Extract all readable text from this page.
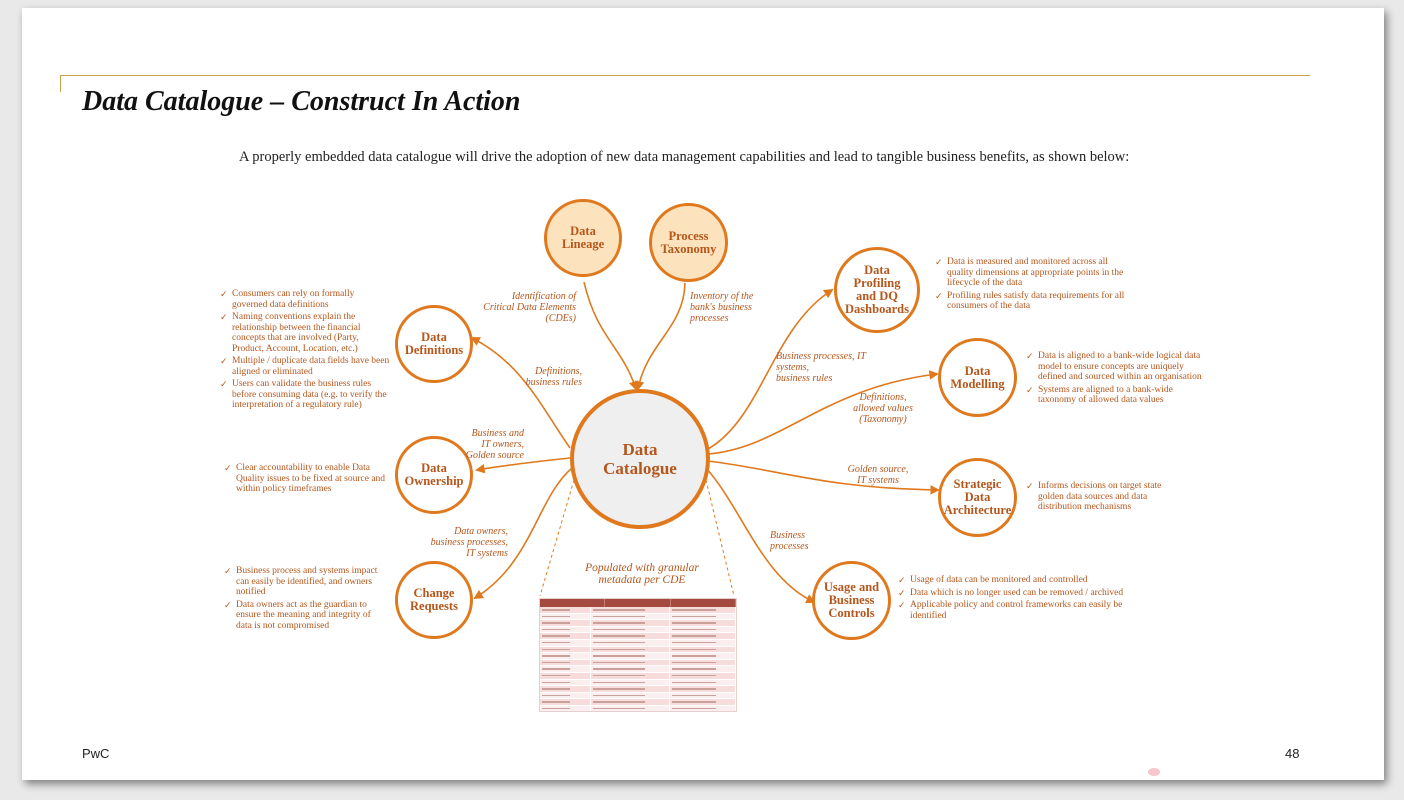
Data Catalogue – Construct In Action

A properly embedded data catalogue will drive the adoption of new data management capabilities and lead to tangible business benefits, as shown below:

Data
Lineage
Process
Taxonomy
Data
Definitions
Data
Ownership
Change
Requests
Data
Catalogue
Data
Profiling
and DQ
Dashboards
Data
Modelling
Strategic
Data
Architecture
Usage and
Business
Controls
Identification of
Critical Data Elements
(CDEs)
Inventory of the
bank's business
processes
Definitions,
business rules
Business and
IT owners,
Golden source
Data owners,
business processes,
IT systems
Business processes, IT
systems,
business rules
Definitions,
allowed values
(Taxonomy)
Golden source,
IT systems
Business
processes
✓ Consumers can rely on formally governed data definitions
✓ Naming conventions explain the relationship between the financial concepts that are involved (Party, Product, Account, Location, etc.)
✓ Multiple / duplicate data fields have been aligned or eliminated
✓ Users can validate the business rules before consuming data (e.g. to verify the interpretation of a regulatory rule)
✓ Clear accountability to enable Data Quality issues to be fixed at source and within policy timeframes
✓ Business process and systems impact can easily be identified, and owners notified
✓ Data owners act as the guardian to ensure the meaning and integrity of data is not compromised
✓ Data is measured and monitored across all quality dimensions at appropriate points in the lifecycle of the data
✓ Profiling rules satisfy data requirements for all consumers of the data
✓ Data is aligned to a bank-wide logical data model to ensure concepts are uniquely defined and sourced within an organisation
✓ Systems are aligned to a bank-wide taxonomy of allowed data values
✓ Informs decisions on target state golden data sources and data distribution mechanisms
✓ Usage of data can be monitored and controlled
✓ Data which is no longer used can be removed / archived
✓ Applicable policy and control frameworks can easily be identified
Populated with granular
metadata per CDE
PwC	48
